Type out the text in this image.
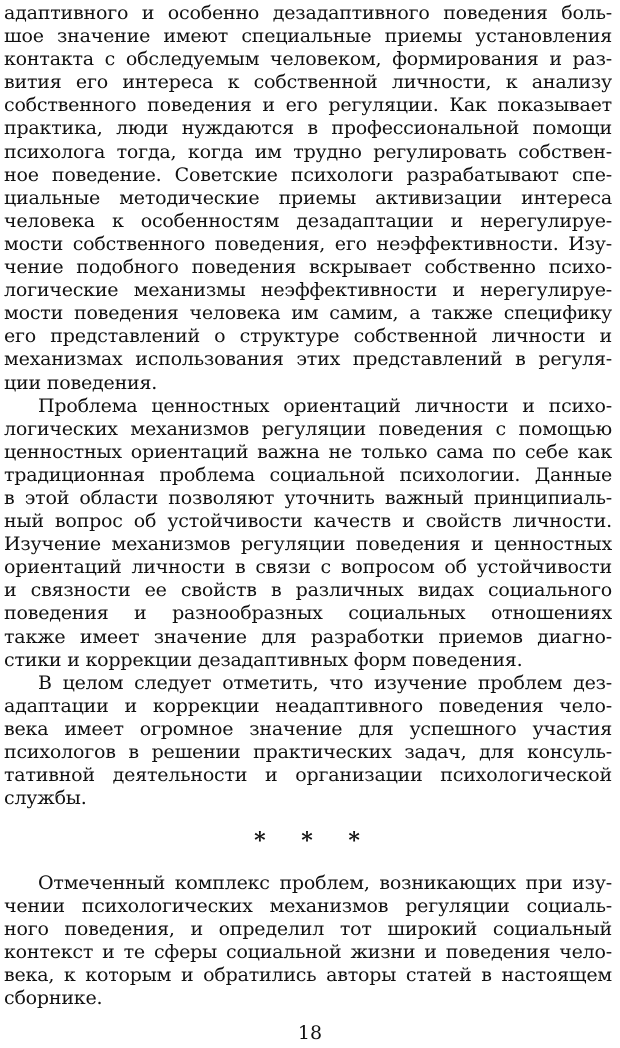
адаптивного и особенно дезадаптивного поведения боль-
шое значение имеют специальные приемы установления
контакта с обследуемым человеком, формирования и раз-
вития его интереса к собственной личности, к анализу
собственного поведения и его регуляции. Как показывает
практика, люди нуждаются в профессиональной помощи
психолога тогда, когда им трудно регулировать собствен-
ное поведение. Советские психологи разрабатывают спе-
циальные методические приемы активизации интереса
человека к особенностям дезадаптации и нерегулируе-
мости собственного поведения, его неэффективности. Изу-
чение подобного поведения вскрывает собственно психо-
логические механизмы неэффективности и нерегулируе-
мости поведения человека им самим, а также специфику
его представлений о структуре собственной личности и
механизмах использования этих представлений в регуля-
ции поведения.
Проблема ценностных ориентаций личности и психо-
логических механизмов регуляции поведения с помощью
ценностных ориентаций важна не только сама по себе как
традиционная проблема социальной психологии. Данные
в этой области позволяют уточнить важный принципиаль-
ный вопрос об устойчивости качеств и свойств личности.
Изучение механизмов регуляции поведения и ценностных
ориентаций личности в связи с вопросом об устойчивости
и связности ее свойств в различных видах социального
поведения и разнообразных социальных отношениях
также имеет значение для разработки приемов диагно-
стики и коррекции дезадаптивных форм поведения.
В целом следует отметить, что изучение проблем дез-
адаптации и коррекции неадаптивного поведения чело-
века имеет огромное значение для успешного участия
психологов в решении практических задач, для консуль-
тативной деятельности и организации психологической
службы.
* * *
Отмеченный комплекс проблем, возникающих при изу-
чении психологических механизмов регуляции социаль-
ного поведения, и определил тот широкий социальный
контекст и те сферы социальной жизни и поведения чело-
века, к которым и обратились авторы статей в настоящем
сборнике.
18
